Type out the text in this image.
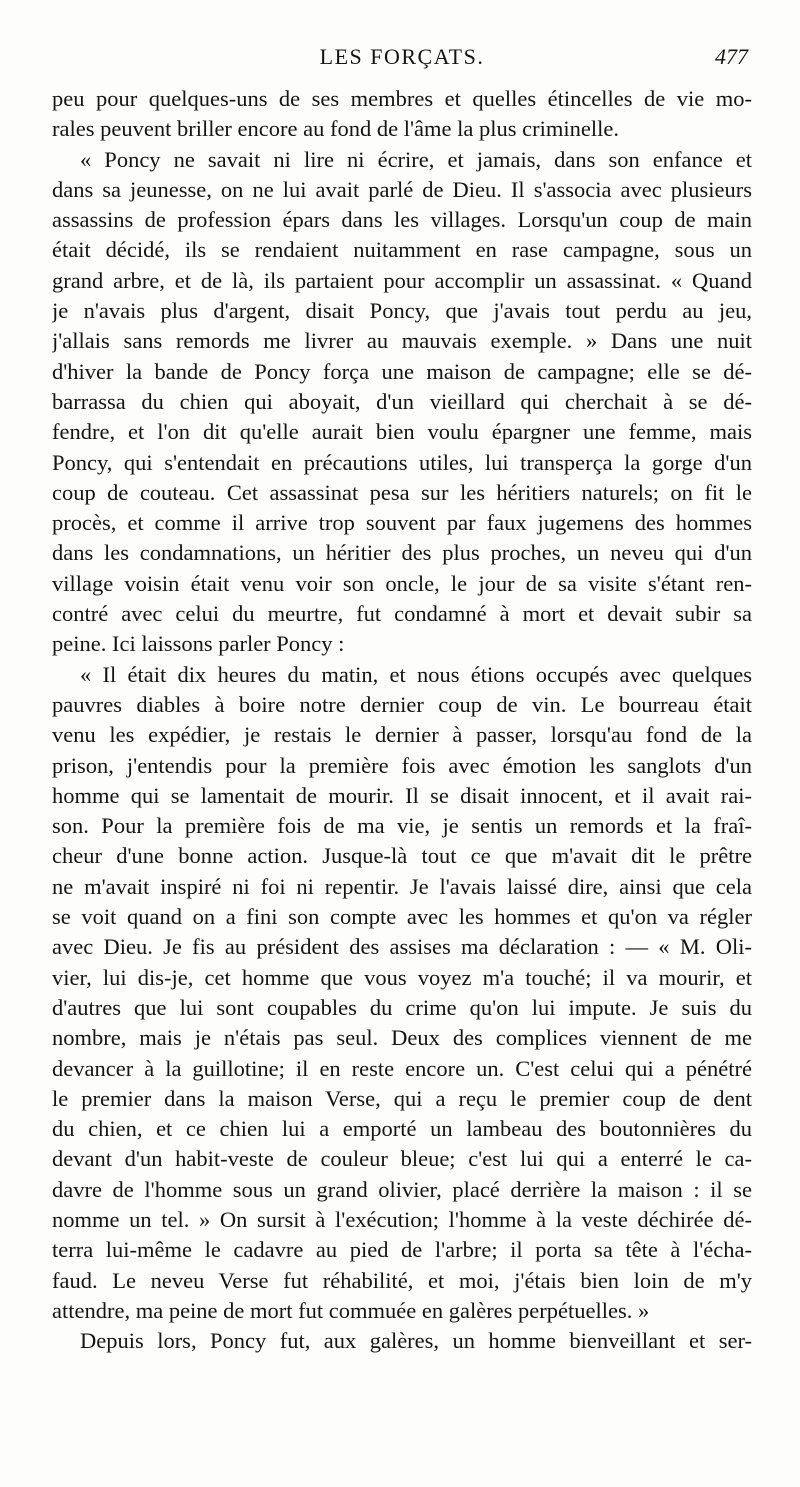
LES FORÇATS.	477
peu pour quelques-uns de ses membres et quelles étincelles de vie mo-
rales peuvent briller encore au fond de l'âme la plus criminelle.
« Poncy ne savait ni lire ni écrire, et jamais, dans son enfance et
dans sa jeunesse, on ne lui avait parlé de Dieu. Il s'associa avec plusieurs
assassins de profession épars dans les villages. Lorsqu'un coup de main
était décidé, ils se rendaient nuitamment en rase campagne, sous un
grand arbre, et de là, ils partaient pour accomplir un assassinat. « Quand
je n'avais plus d'argent, disait Poncy, que j'avais tout perdu au jeu,
j'allais sans remords me livrer au mauvais exemple. » Dans une nuit
d'hiver la bande de Poncy força une maison de campagne; elle se dé-
barrassa du chien qui aboyait, d'un vieillard qui cherchait à se dé-
fendre, et l'on dit qu'elle aurait bien voulu épargner une femme, mais
Poncy, qui s'entendait en précautions utiles, lui transperça la gorge d'un
coup de couteau. Cet assassinat pesa sur les héritiers naturels; on fit le
procès, et comme il arrive trop souvent par faux jugemens des hommes
dans les condamnations, un héritier des plus proches, un neveu qui d'un
village voisin était venu voir son oncle, le jour de sa visite s'étant ren-
contré avec celui du meurtre, fut condamné à mort et devait subir sa
peine. Ici laissons parler Poncy :
« Il était dix heures du matin, et nous étions occupés avec quelques
pauvres diables à boire notre dernier coup de vin. Le bourreau était
venu les expédier, je restais le dernier à passer, lorsqu'au fond de la
prison, j'entendis pour la première fois avec émotion les sanglots d'un
homme qui se lamentait de mourir. Il se disait innocent, et il avait rai-
son. Pour la première fois de ma vie, je sentis un remords et la fraî-
cheur d'une bonne action. Jusque-là tout ce que m'avait dit le prêtre
ne m'avait inspiré ni foi ni repentir. Je l'avais laissé dire, ainsi que cela
se voit quand on a fini son compte avec les hommes et qu'on va régler
avec Dieu. Je fis au président des assises ma déclaration : — « M. Oli-
vier, lui dis-je, cet homme que vous voyez m'a touché; il va mourir, et
d'autres que lui sont coupables du crime qu'on lui impute. Je suis du
nombre, mais je n'étais pas seul. Deux des complices viennent de me
devancer à la guillotine; il en reste encore un. C'est celui qui a pénétré
le premier dans la maison Verse, qui a reçu le premier coup de dent
du chien, et ce chien lui a emporté un lambeau des boutonnières du
devant d'un habit-veste de couleur bleue; c'est lui qui a enterré le ca-
davre de l'homme sous un grand olivier, placé derrière la maison : il se
nomme un tel. » On sursit à l'exécution; l'homme à la veste déchirée dé-
terra lui-même le cadavre au pied de l'arbre; il porta sa tête à l'écha-
faud. Le neveu Verse fut réhabilité, et moi, j'étais bien loin de m'y
attendre, ma peine de mort fut commuée en galères perpétuelles. »
Depuis lors, Poncy fut, aux galères, un homme bienveillant et ser-
